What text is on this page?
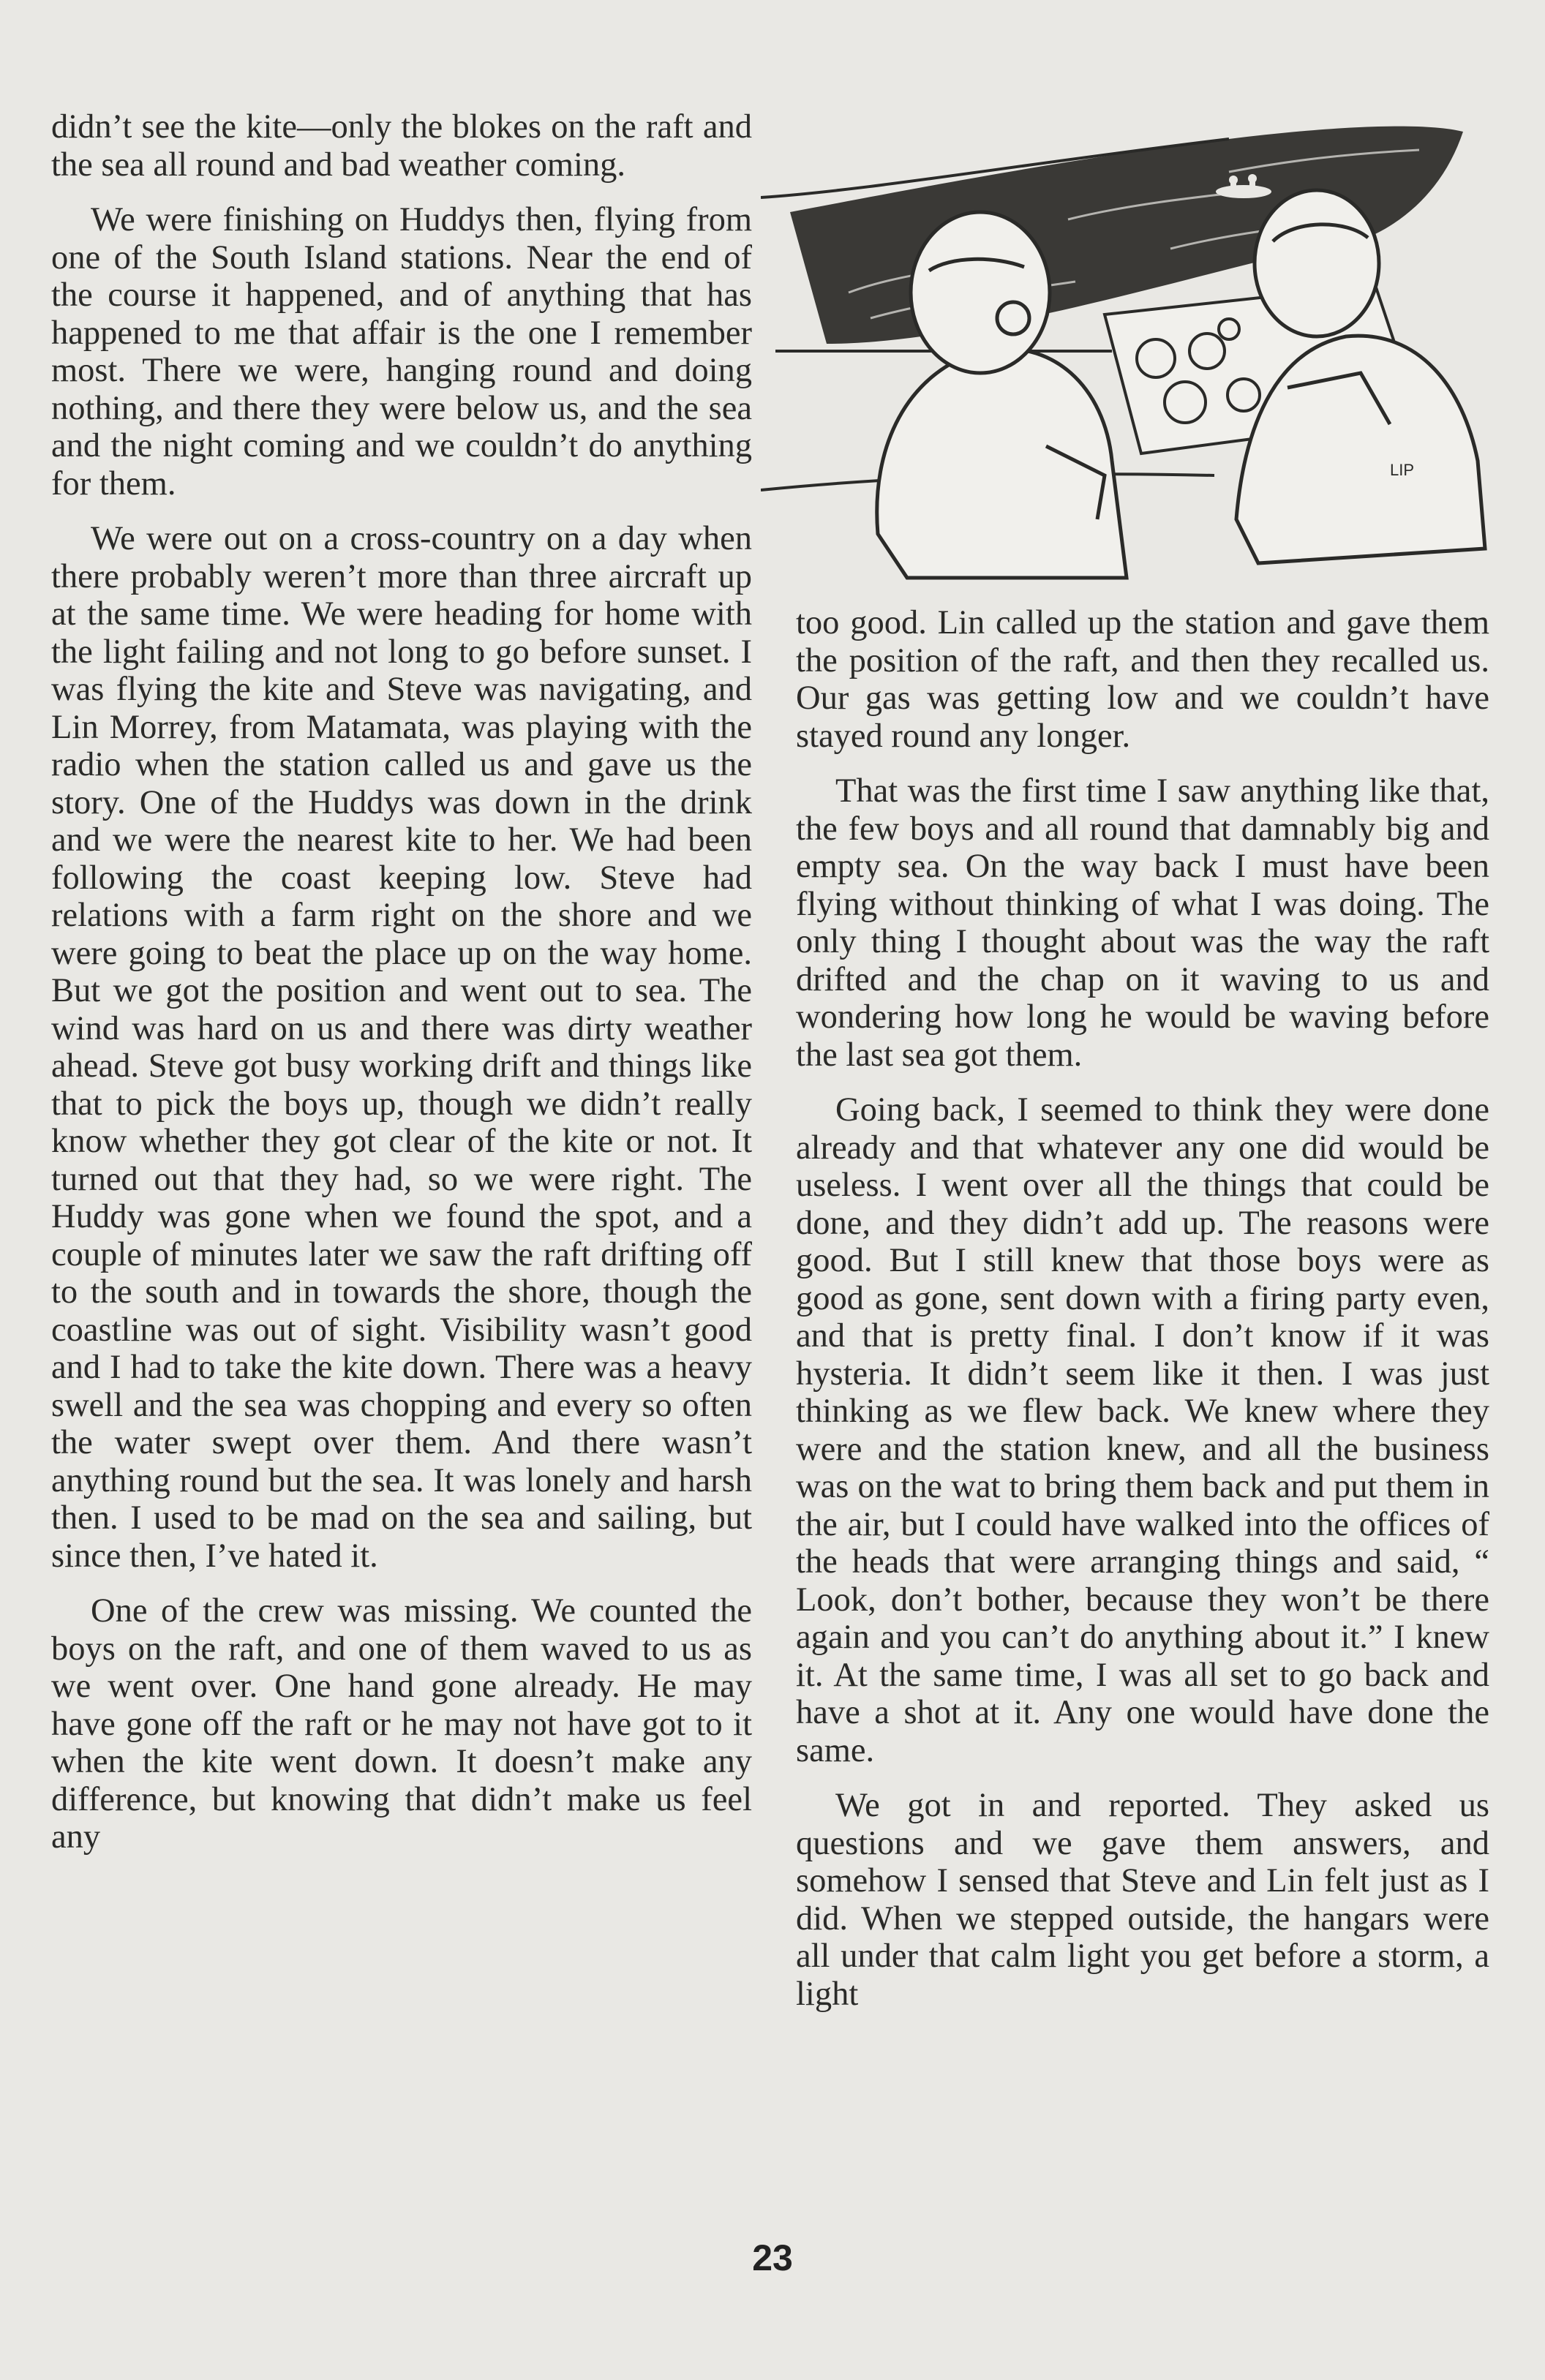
didn’t see the kite—only the blokes on the raft and the sea all round and bad weather coming.

We were finishing on Huddys then, flying from one of the South Island stations. Near the end of the course it happened, and of anything that has happened to me that affair is the one I remember most. There we were, hanging round and doing nothing, and there they were below us, and the sea and the night coming and we couldn’t do anything for them.

We were out on a cross-country on a day when there probably weren’t more than three aircraft up at the same time. We were heading for home with the light failing and not long to go before sunset. I was flying the kite and Steve was navigating, and Lin Morrey, from Matamata, was playing with the radio when the station called us and gave us the story. One of the Huddys was down in the drink and we were the nearest kite to her. We had been following the coast keeping low. Steve had relations with a farm right on the shore and we were going to beat the place up on the way home. But we got the position and went out to sea. The wind was hard on us and there was dirty weather ahead. Steve got busy working drift and things like that to pick the boys up, though we didn’t really know whether they got clear of the kite or not. It turned out that they had, so we were right. The Huddy was gone when we found the spot, and a couple of minutes later we saw the raft drifting off to the south and in towards the shore, though the coastline was out of sight. Visibility wasn’t good and I had to take the kite down. There was a heavy swell and the sea was chopping and every so often the water swept over them. And there wasn’t anything round but the sea. It was lonely and harsh then. I used to be mad on the sea and sailing, but since then, I’ve hated it.

One of the crew was missing. We counted the boys on the raft, and one of them waved to us as we went over. One hand gone already. He may have gone off the raft or he may not have got to it when the kite went down. It doesn’t make any difference, but knowing that didn’t make us feel any

LIP

too good. Lin called up the station and gave them the position of the raft, and then they recalled us. Our gas was getting low and we couldn’t have stayed round any longer.

That was the first time I saw anything like that, the few boys and all round that damnably big and empty sea. On the way back I must have been flying without thinking of what I was doing. The only thing I thought about was the way the raft drifted and the chap on it waving to us and wondering how long he would be waving before the last sea got them.

Going back, I seemed to think they were done already and that whatever any one did would be useless. I went over all the things that could be done, and they didn’t add up. The reasons were good. But I still knew that those boys were as good as gone, sent down with a firing party even, and that is pretty final. I don’t know if it was hysteria. It didn’t seem like it then. I was just thinking as we flew back. We knew where they were and the station knew, and all the business was on the wat to bring them back and put them in the air, but I could have walked into the offices of the heads that were arranging things and said, “ Look, don’t bother, because they won’t be there again and you can’t do anything about it.” I knew it. At the same time, I was all set to go back and have a shot at it. Any one would have done the same.

We got in and reported. They asked us questions and we gave them answers, and somehow I sensed that Steve and Lin felt just as I did. When we stepped outside, the hangars were all under that calm light you get before a storm, a light

23
